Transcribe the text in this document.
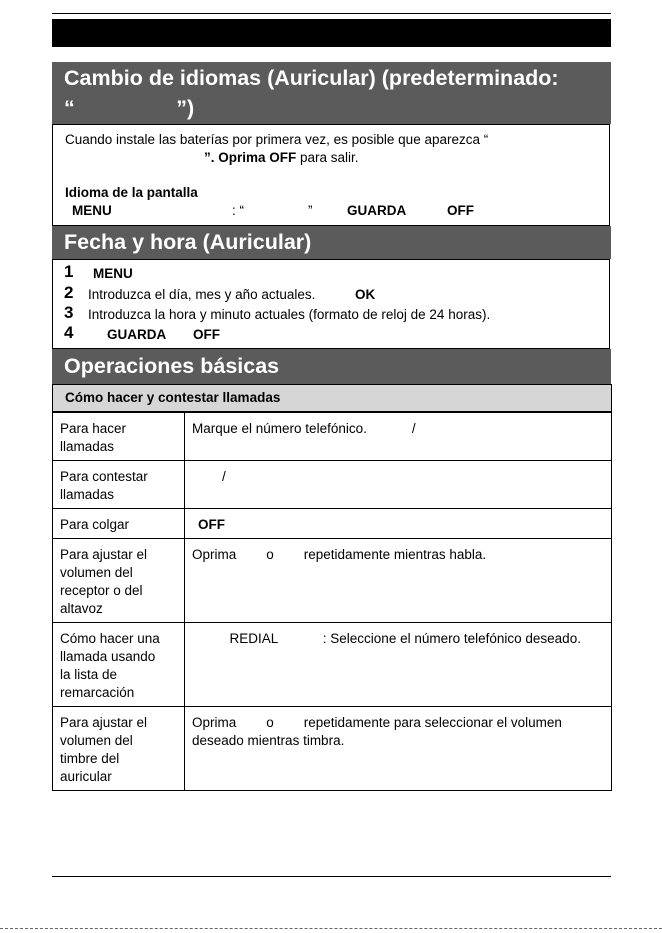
Cambio de idiomas (Auricular) (predeterminado:
“                 ”)
Cuando instale las baterías por primera vez, es posible que aparezca “
”. Oprima OFF para salir.
Idioma de la pantalla
MENU	: “	”	GUARDA	OFF
Fecha y hora (Auricular)
1 MENU
2 Introduzca el día, mes y año actuales.	OK
3 Introduzca la hora y minuto actuales (formato de reloj de 24 horas).
4 GUARDA OFF
Operaciones básicas
Cómo hacer y contestar llamadas
Para hacer
llamadas	Marque el número telefónico.            /
Para contestar
llamadas	/
Para colgar	OFF
Para ajustar el
volumen del
receptor o del
altavoz	Oprima        o        repetidamente mientras habla.
Cómo hacer una
llamada usando
la lista de
remarcación	REDIAL            : Seleccione el número telefónico deseado.
Para ajustar el
volumen del
timbre del
auricular	Oprima        o        repetidamente para seleccionar el volumen
deseado mientras timbra.
